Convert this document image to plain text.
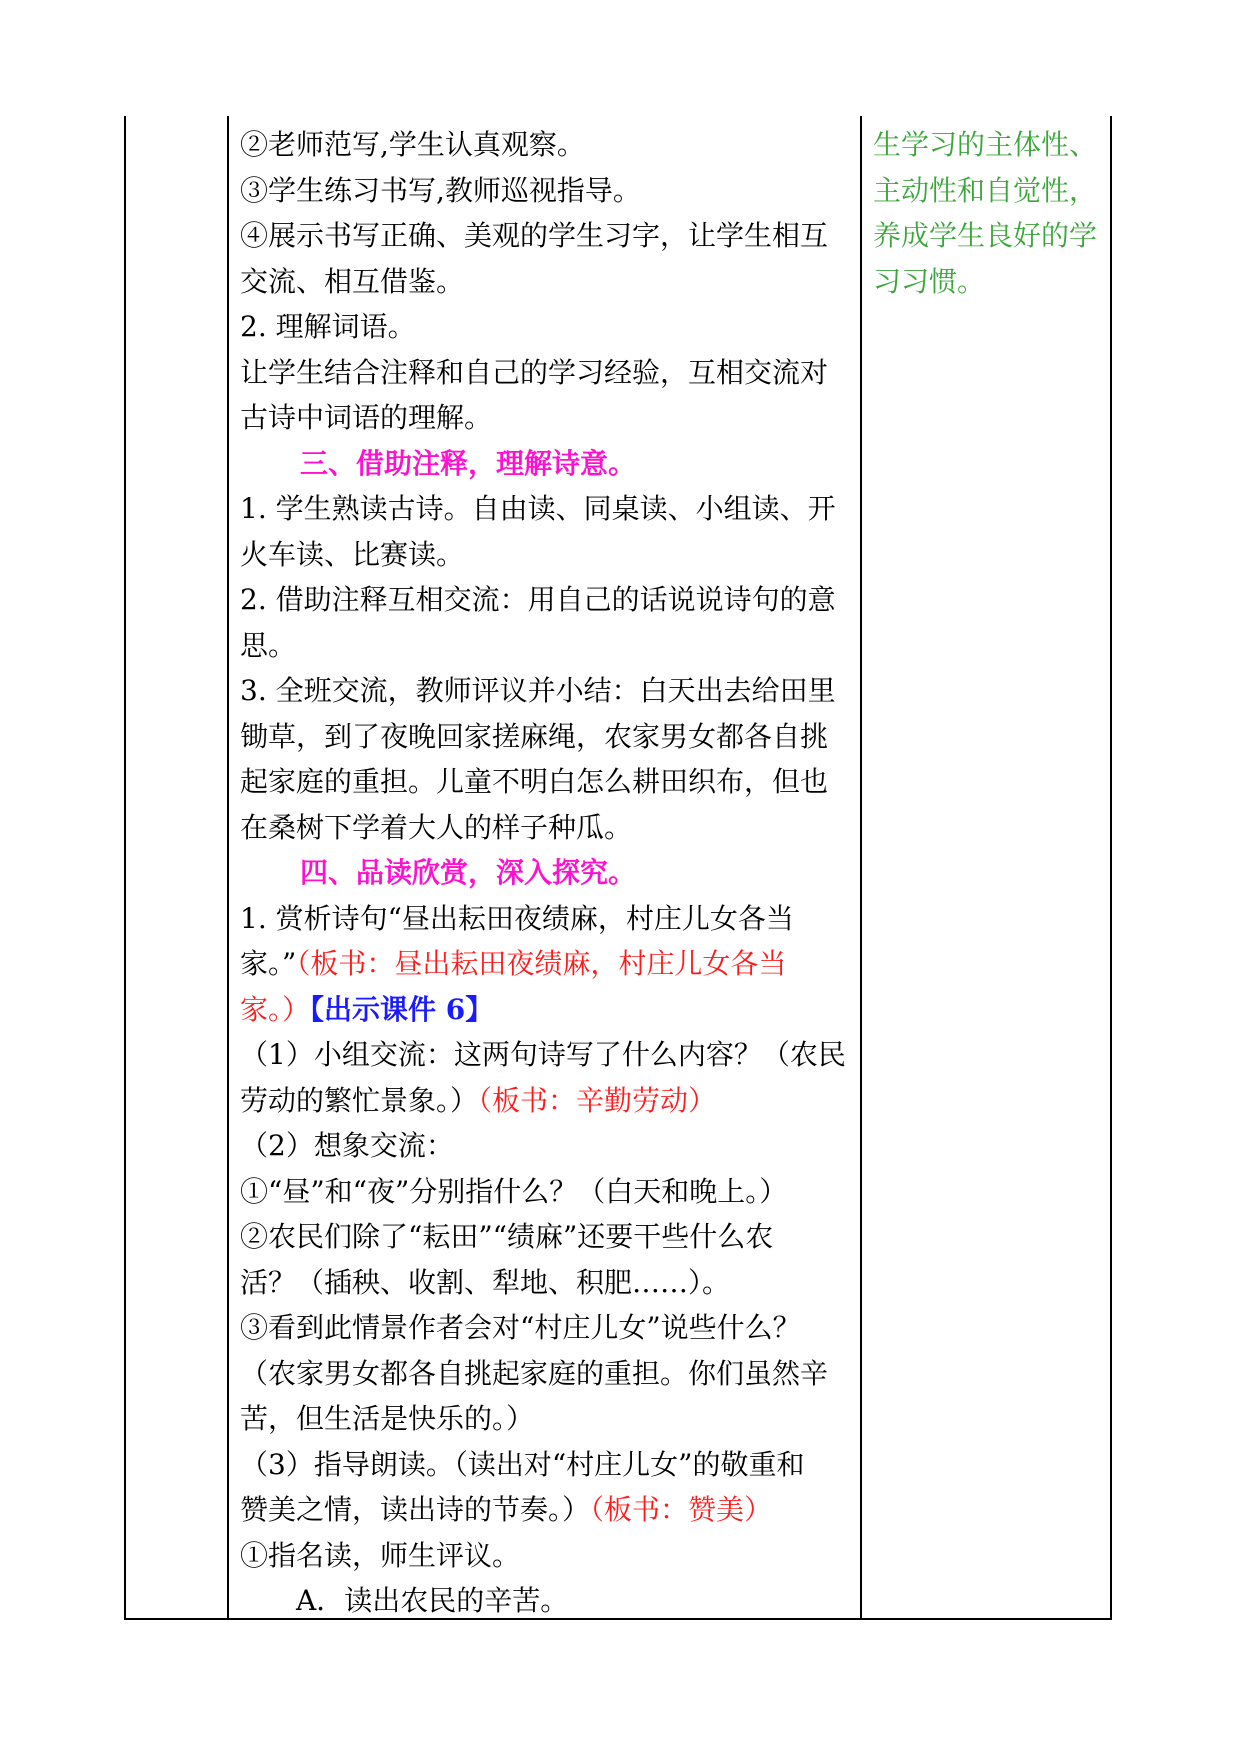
②老师范写,学生认真观察。
③学生练习书写,教师巡视指导。
④展示书写正确、美观的学生习字，让学生相互
交流、相互借鉴。
2. 理解词语。
让学生结合注释和自己的学习经验，互相交流对
古诗中词语的理解。
三、借助注释，理解诗意。
1. 学生熟读古诗。自由读、同桌读、小组读、开
火车读、比赛读。
2. 借助注释互相交流：用自己的话说说诗句的意
思。
3. 全班交流，教师评议并小结：白天出去给田里
锄草，到了夜晚回家搓麻绳，农家男女都各自挑
起家庭的重担。儿童不明白怎么耕田织布，但也
在桑树下学着大人的样子种瓜。
四、品读欣赏，深入探究。
1. 赏析诗句“昼出耘田夜绩麻，村庄儿女各当
家。”（板书：昼出耘田夜绩麻，村庄儿女各当
家。）【出示课件 6】
（1）小组交流：这两句诗写了什么内容？（农民
劳动的繁忙景象。）（板书：辛勤劳动）
（2）想象交流：
①“昼”和“夜”分别指什么？（白天和晚上。）
②农民们除了“耘田”“绩麻”还要干些什么农
活？（插秧、收割、犁地、积肥……）。
③看到此情景作者会对“村庄儿女”说些什么？
（农家男女都各自挑起家庭的重担。你们虽然辛
苦，但生活是快乐的。）
（3）指导朗读。（读出对“村庄儿女”的敬重和
赞美之情，读出诗的节奏。）（板书：赞美）
①指名读，师生评议。
A．读出农民的辛苦。
生学习的主体性、
主动性和自觉性，
养成学生良好的学
习习惯。
